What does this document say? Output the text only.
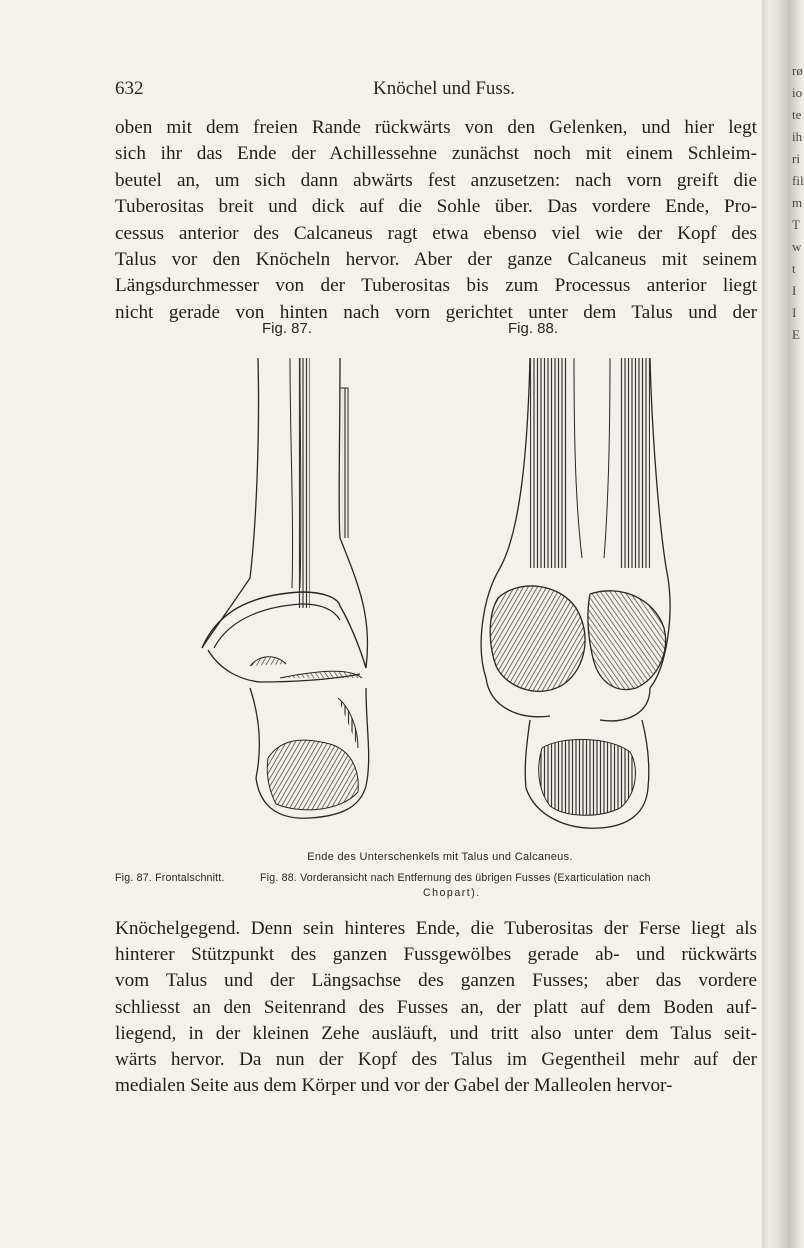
rø
io
te
ih
ri
fil
m
T
w
t
I
I
E
632	Knöchel und Fuss.
oben mit dem freien Rande rückwärts von den Gelenken, und hier legt
sich ihr das Ende der Achillessehne zunächst noch mit einem Schleim-
beutel an, um sich dann abwärts fest anzusetzen: nach vorn greift die
Tuberositas breit und dick auf die Sohle über. Das vordere Ende, Pro-
cessus anterior des Calcaneus ragt etwa ebenso viel wie der Kopf des
Talus vor den Knöcheln hervor. Aber der ganze Calcaneus mit seinem
Längsdurchmesser von der Tuberositas bis zum Processus anterior liegt
nicht gerade von hinten nach vorn gerichtet unter dem Talus und der
Fig. 87.	Fig. 88.
Ende des Unterschenkels mit Talus und Calcaneus.
Fig. 87. Frontalschnitt.	Fig. 88. Vorderansicht nach Entfernung des übrigen Fusses (Exarticulation nach
Chopart).
Knöchelgegend. Denn sein hinteres Ende, die Tuberositas der Ferse liegt als
hinterer Stützpunkt des ganzen Fussgewölbes gerade ab- und rückwärts
vom Talus und der Längsachse des ganzen Fusses; aber das vordere
schliesst an den Seitenrand des Fusses an, der platt auf dem Boden auf-
liegend, in der kleinen Zehe ausläuft, und tritt also unter dem Talus seit-
wärts hervor. Da nun der Kopf des Talus im Gegentheil mehr auf der
medialen Seite aus dem Körper und vor der Gabel der Malleolen hervor-
